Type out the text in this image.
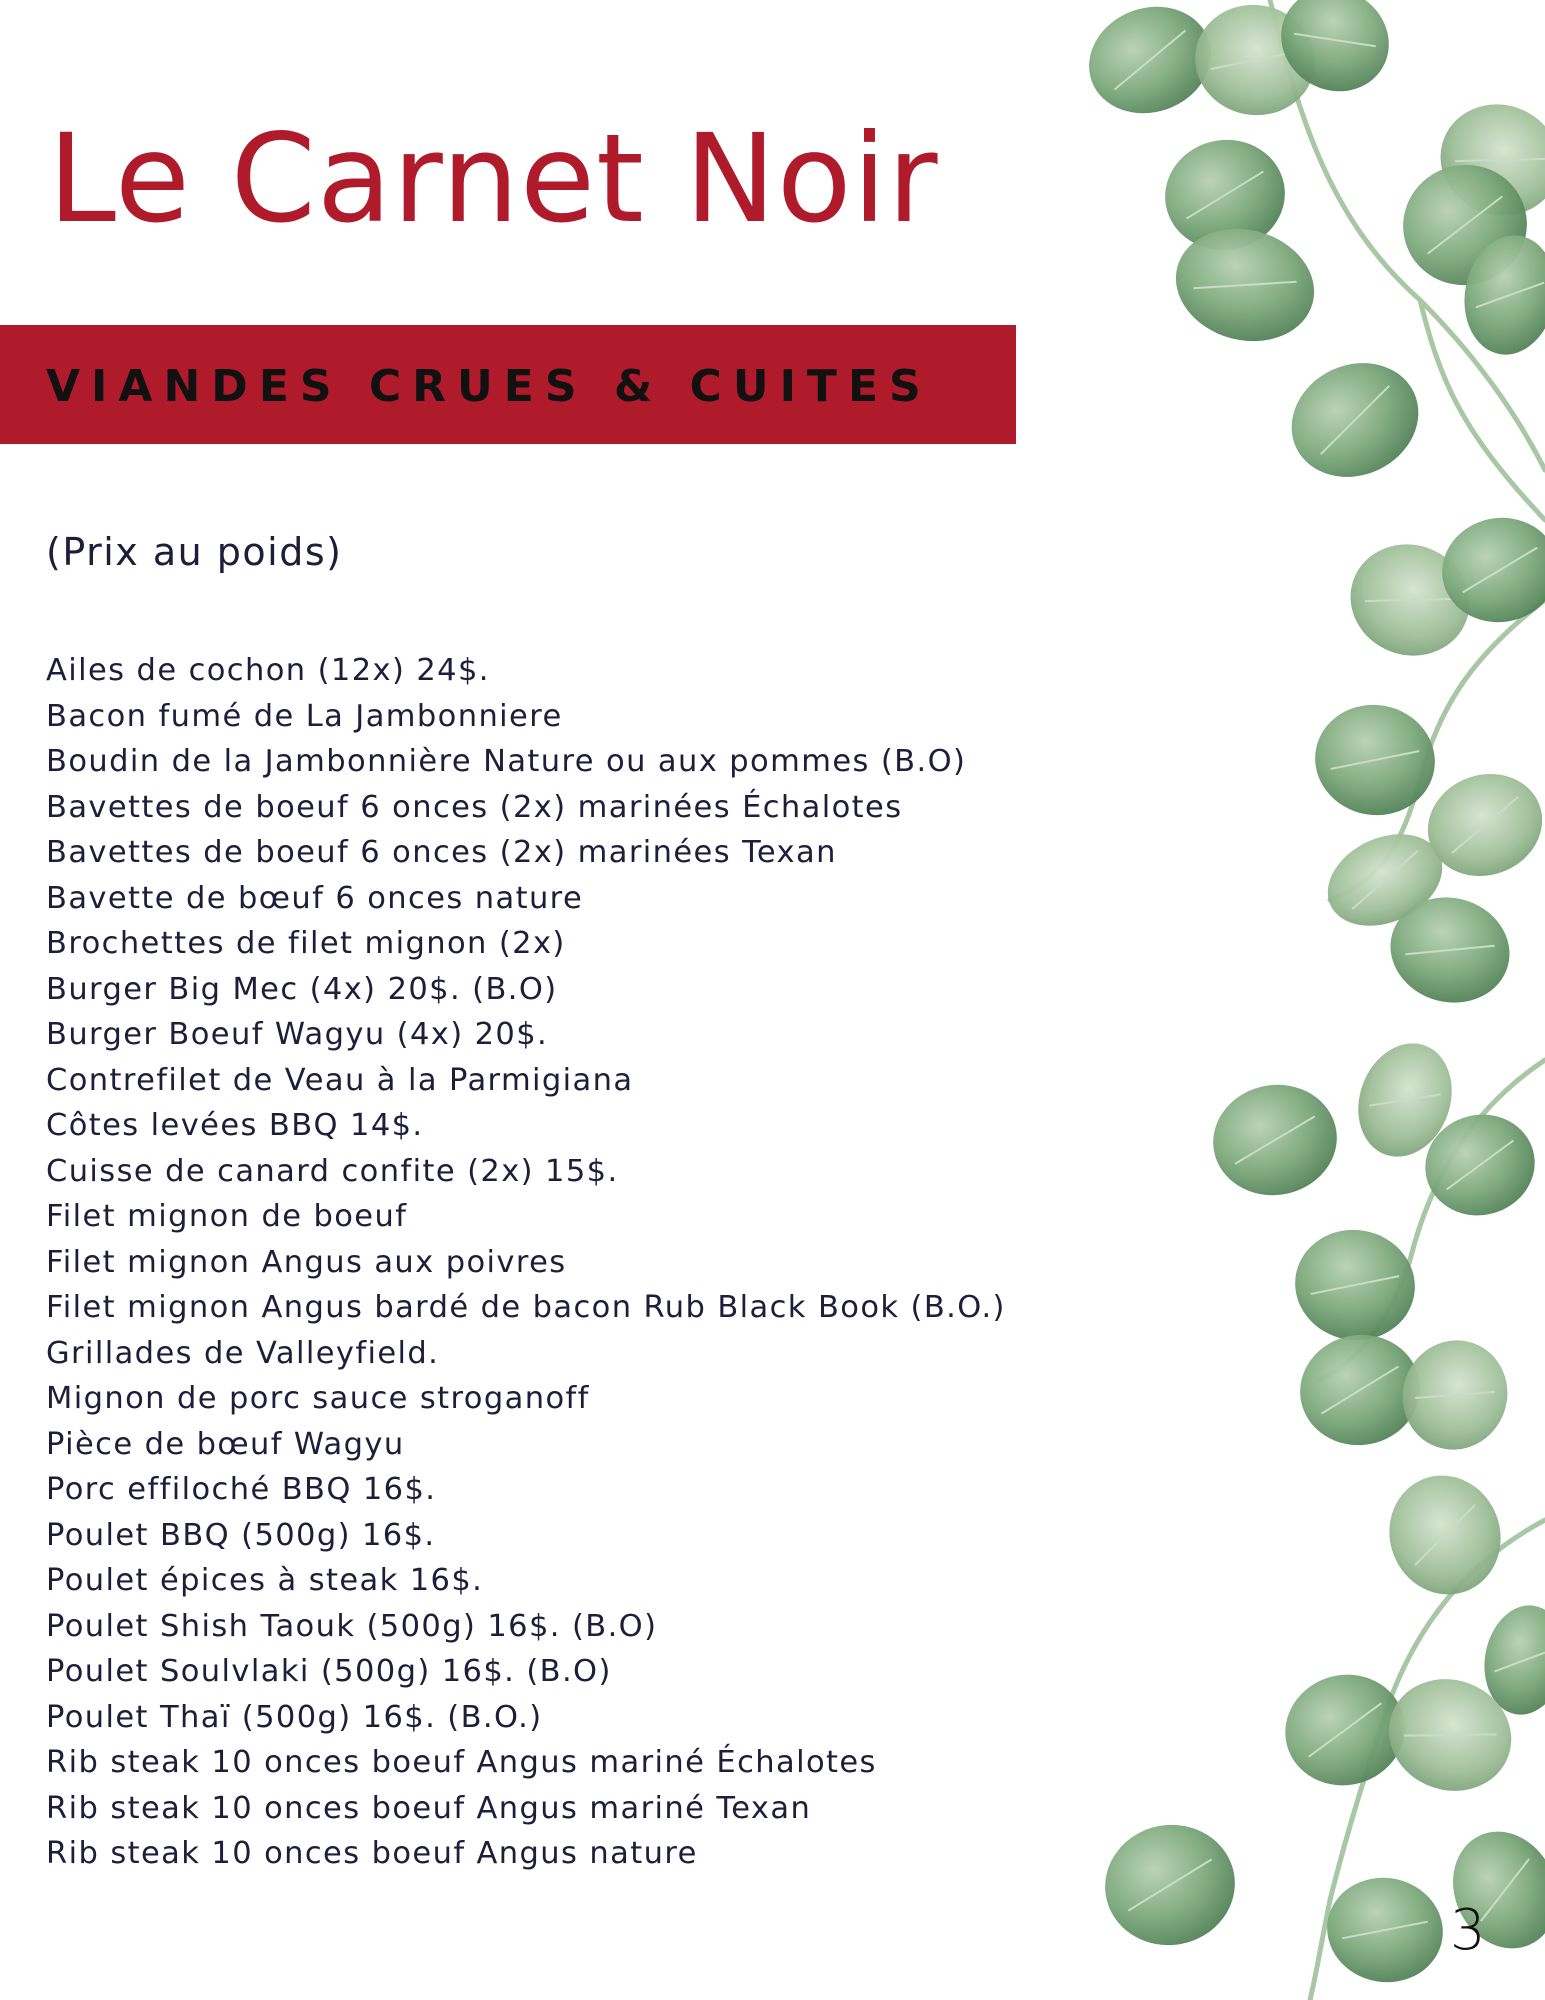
Le Carnet Noir
VIANDES CRUES & CUITES
(Prix au poids)
Ailes de cochon (12x) 24$.
Bacon fumé de La Jambonniere
Boudin de la Jambonnière Nature ou aux pommes (B.O)
Bavettes de boeuf 6 onces (2x) marinées Échalotes
Bavettes de boeuf 6 onces (2x) marinées Texan
Bavette de bœuf 6 onces nature
Brochettes de filet mignon (2x)
Burger Big Mec (4x) 20$. (B.O)
Burger Boeuf Wagyu (4x) 20$.
Contrefilet de Veau à la Parmigiana
Côtes levées BBQ 14$.
Cuisse de canard confite (2x) 15$.
Filet mignon de boeuf
Filet mignon Angus aux poivres
Filet mignon Angus bardé de bacon Rub Black Book (B.O.)
Grillades de Valleyfield.
Mignon de porc sauce stroganoff
Pièce de bœuf Wagyu
Porc effiloché BBQ 16$.
Poulet BBQ (500g) 16$.
Poulet épices à steak 16$.
Poulet Shish Taouk (500g) 16$. (B.O)
Poulet Soulvlaki (500g) 16$. (B.O)
Poulet Thaï (500g) 16$. (B.O.)
Rib steak 10 onces boeuf Angus mariné Échalotes
Rib steak 10 onces boeuf Angus mariné Texan
Rib steak 10 onces boeuf Angus nature
3
